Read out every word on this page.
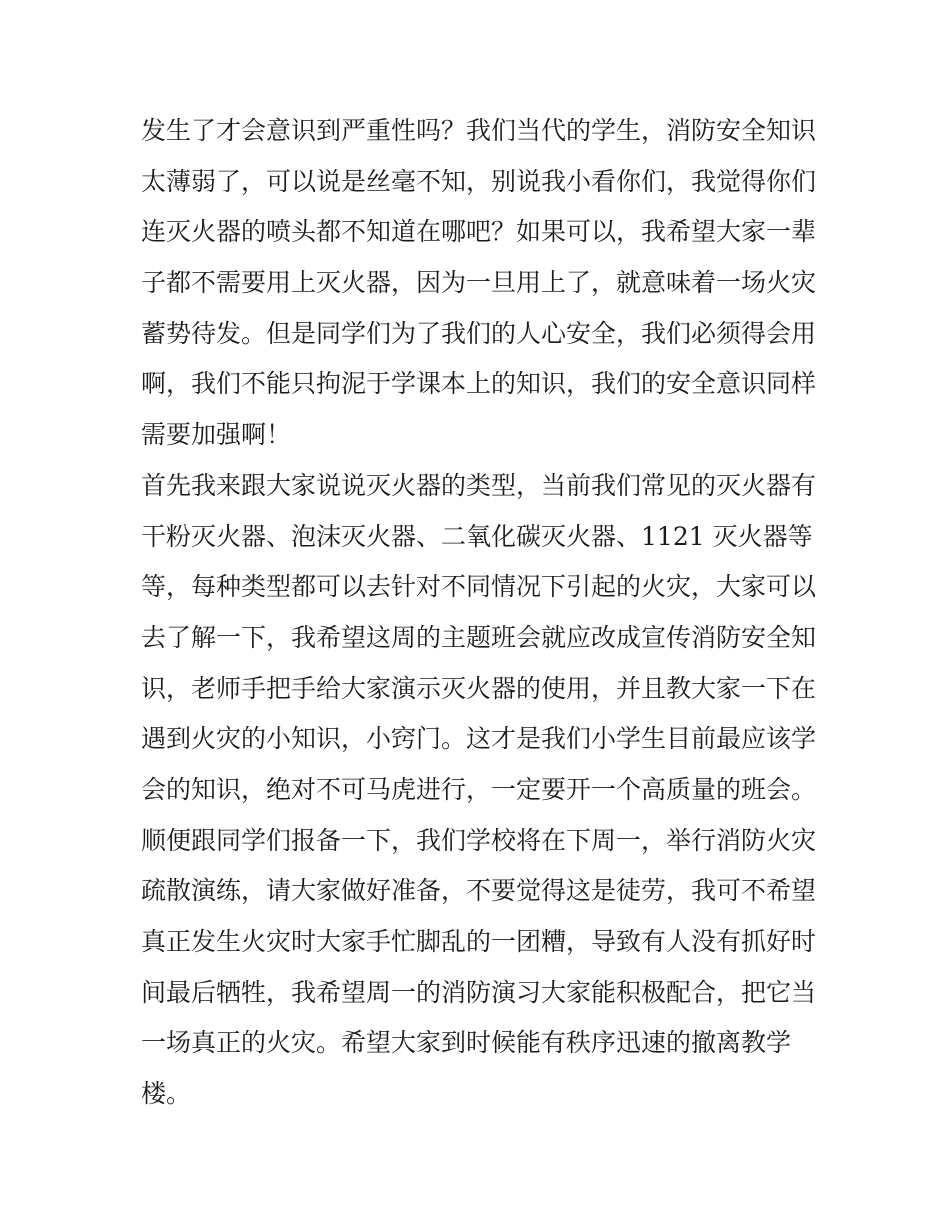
发生了才会意识到严重性吗？我们当代的学生，消防安全知识

太薄弱了，可以说是丝毫不知，别说我小看你们，我觉得你们

连灭火器的喷头都不知道在哪吧？如果可以，我希望大家一辈

子都不需要用上灭火器，因为一旦用上了，就意味着一场火灾

蓄势待发。但是同学们为了我们的人心安全，我们必须得会用

啊，我们不能只拘泥于学课本上的知识，我们的安全意识同样

需要加强啊！

首先我来跟大家说说灭火器的类型，当前我们常见的灭火器有

干粉灭火器、泡沫灭火器、二氧化碳灭火器、1121 灭火器等

等，每种类型都可以去针对不同情况下引起的火灾，大家可以

去了解一下，我希望这周的主题班会就应改成宣传消防安全知

识，老师手把手给大家演示灭火器的使用，并且教大家一下在

遇到火灾的小知识，小窍门。这才是我们小学生目前最应该学

会的知识，绝对不可马虎进行，一定要开一个高质量的班会。

顺便跟同学们报备一下，我们学校将在下周一，举行消防火灾

疏散演练，请大家做好准备，不要觉得这是徒劳，我可不希望

真正发生火灾时大家手忙脚乱的一团糟，导致有人没有抓好时

间最后牺牲，我希望周一的消防演习大家能积极配合，把它当

一场真正的火灾。希望大家到时候能有秩序迅速的撤离教学

楼。
